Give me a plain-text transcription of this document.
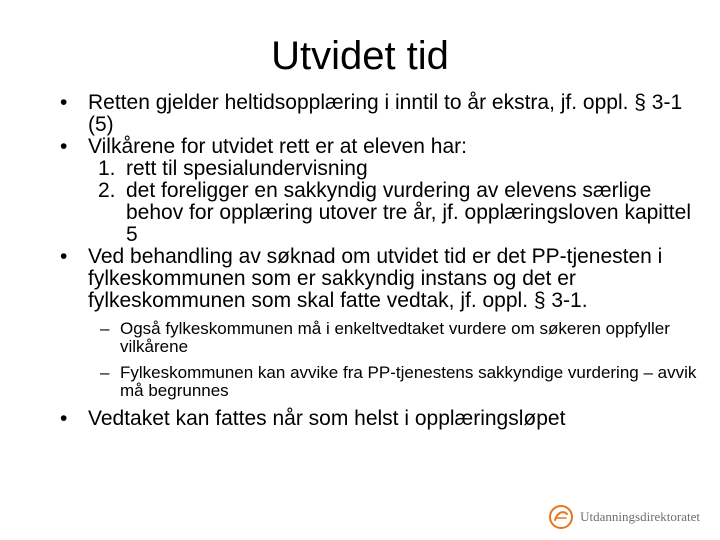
Utvidet tid
• Retten gjelder heltidsopplæring i inntil to år ekstra, jf. oppl. § 3-1 (5)
• Vilkårene for utvidet rett er at eleven har:
1. rett til spesialundervisning
2. det foreligger en sakkyndig vurdering av elevens særlige behov for opplæring utover tre år, jf. opplæringsloven kapittel 5
• Ved behandling av søknad om utvidet tid er det PP-tjenesten i fylkeskommunen som er sakkyndig instans og det er fylkeskommunen som skal fatte vedtak, jf. oppl. § 3-1.
– Også fylkeskommunen må i enkeltvedtaket vurdere om søkeren oppfyller vilkårene
– Fylkeskommunen kan avvike fra PP-tjenestens sakkyndige vurdering – avvik må begrunnes
• Vedtaket kan fattes når som helst i opplæringsløpet
Utdanningsdirektoratet
